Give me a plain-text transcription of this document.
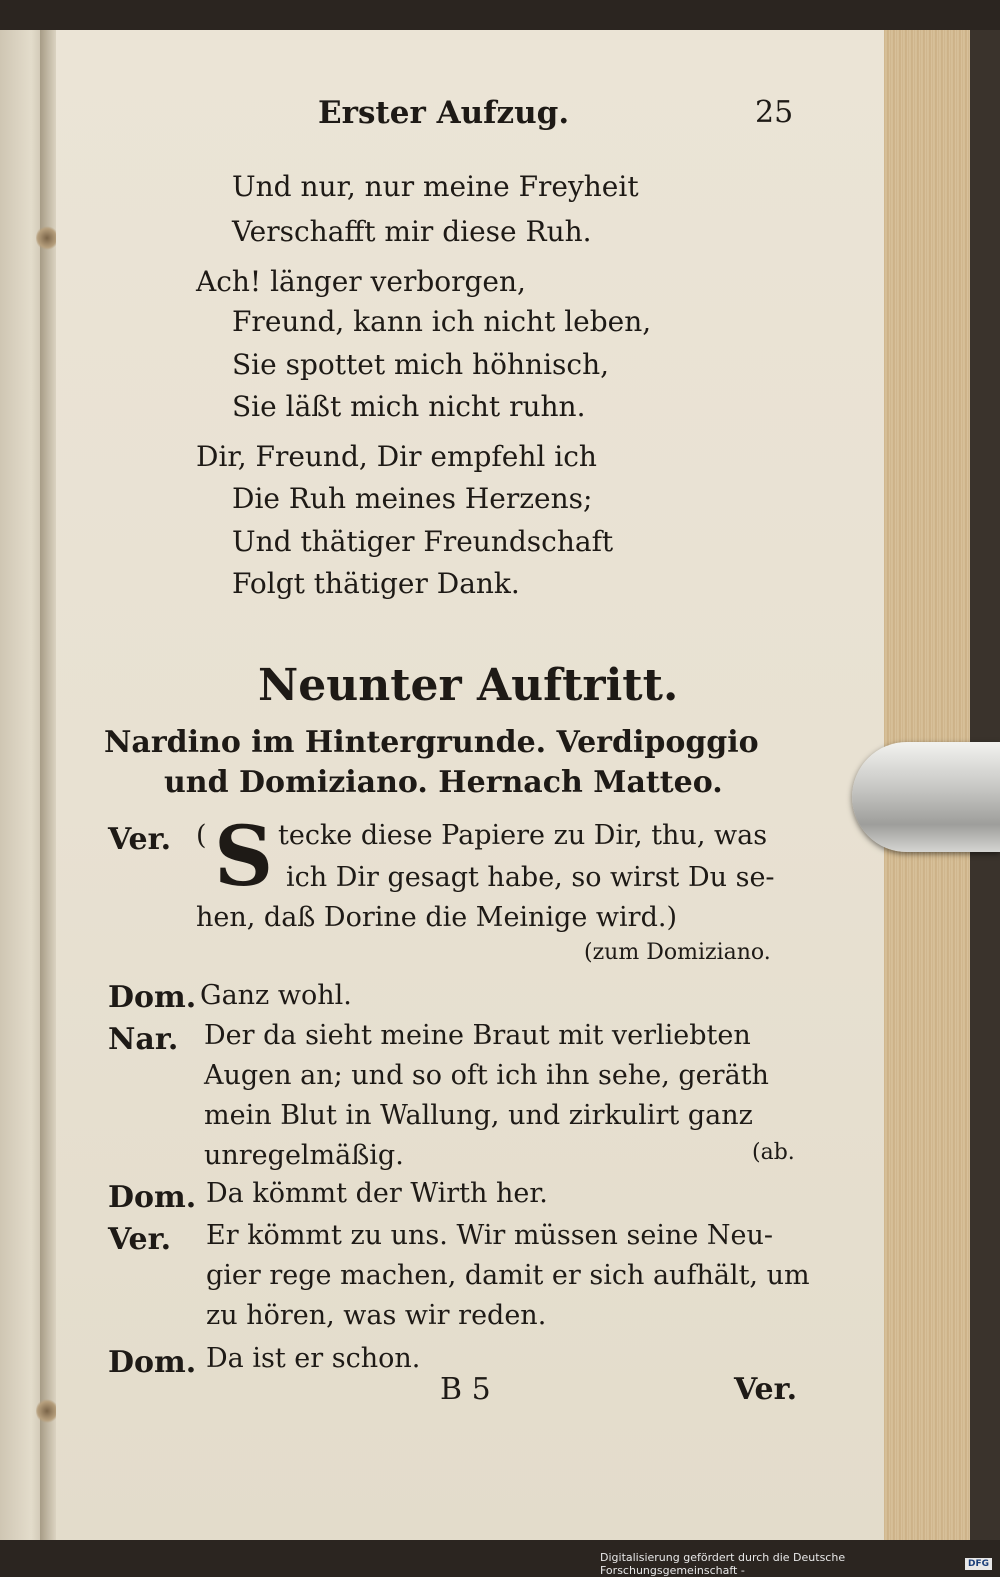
Erster Aufzug.	25
Und nur, nur meine Freyheit
Verschafft mir diese Ruh.
Ach! länger verborgen,
Freund, kann ich nicht leben,
Sie spottet mich höhnisch,
Sie läßt mich nicht ruhn.
Dir, Freund, Dir empfehl ich
Die Ruh meines Herzens;
Und thätiger Freundschaft
Folgt thätiger Dank.
Neunter Auftritt.
Nardino im Hintergrunde. Verdipoggio
und Domiziano. Hernach Matteo.
Ver. ( S tecke diese Papiere zu Dir, thu, was
ich Dir gesagt habe, so wirst Du se-
hen, daß Dorine die Meinige wird.)
(zum Domiziano.
Dom. Ganz wohl.
Nar. Der da sieht meine Braut mit verliebten
Augen an; und so oft ich ihn sehe, geräth
mein Blut in Wallung, und zirkulirt ganz
unregelmäßig.	(ab.
Dom. Da kömmt der Wirth her.
Ver. Er kömmt zu uns. Wir müssen seine Neu-
gier rege machen, damit er sich aufhält, um
zu hören, was wir reden.
Dom. Da ist er schon.
B 5	Ver.
Digitalisierung gefördert durch die Deutsche Forschungsgemeinschaft -	DFG
